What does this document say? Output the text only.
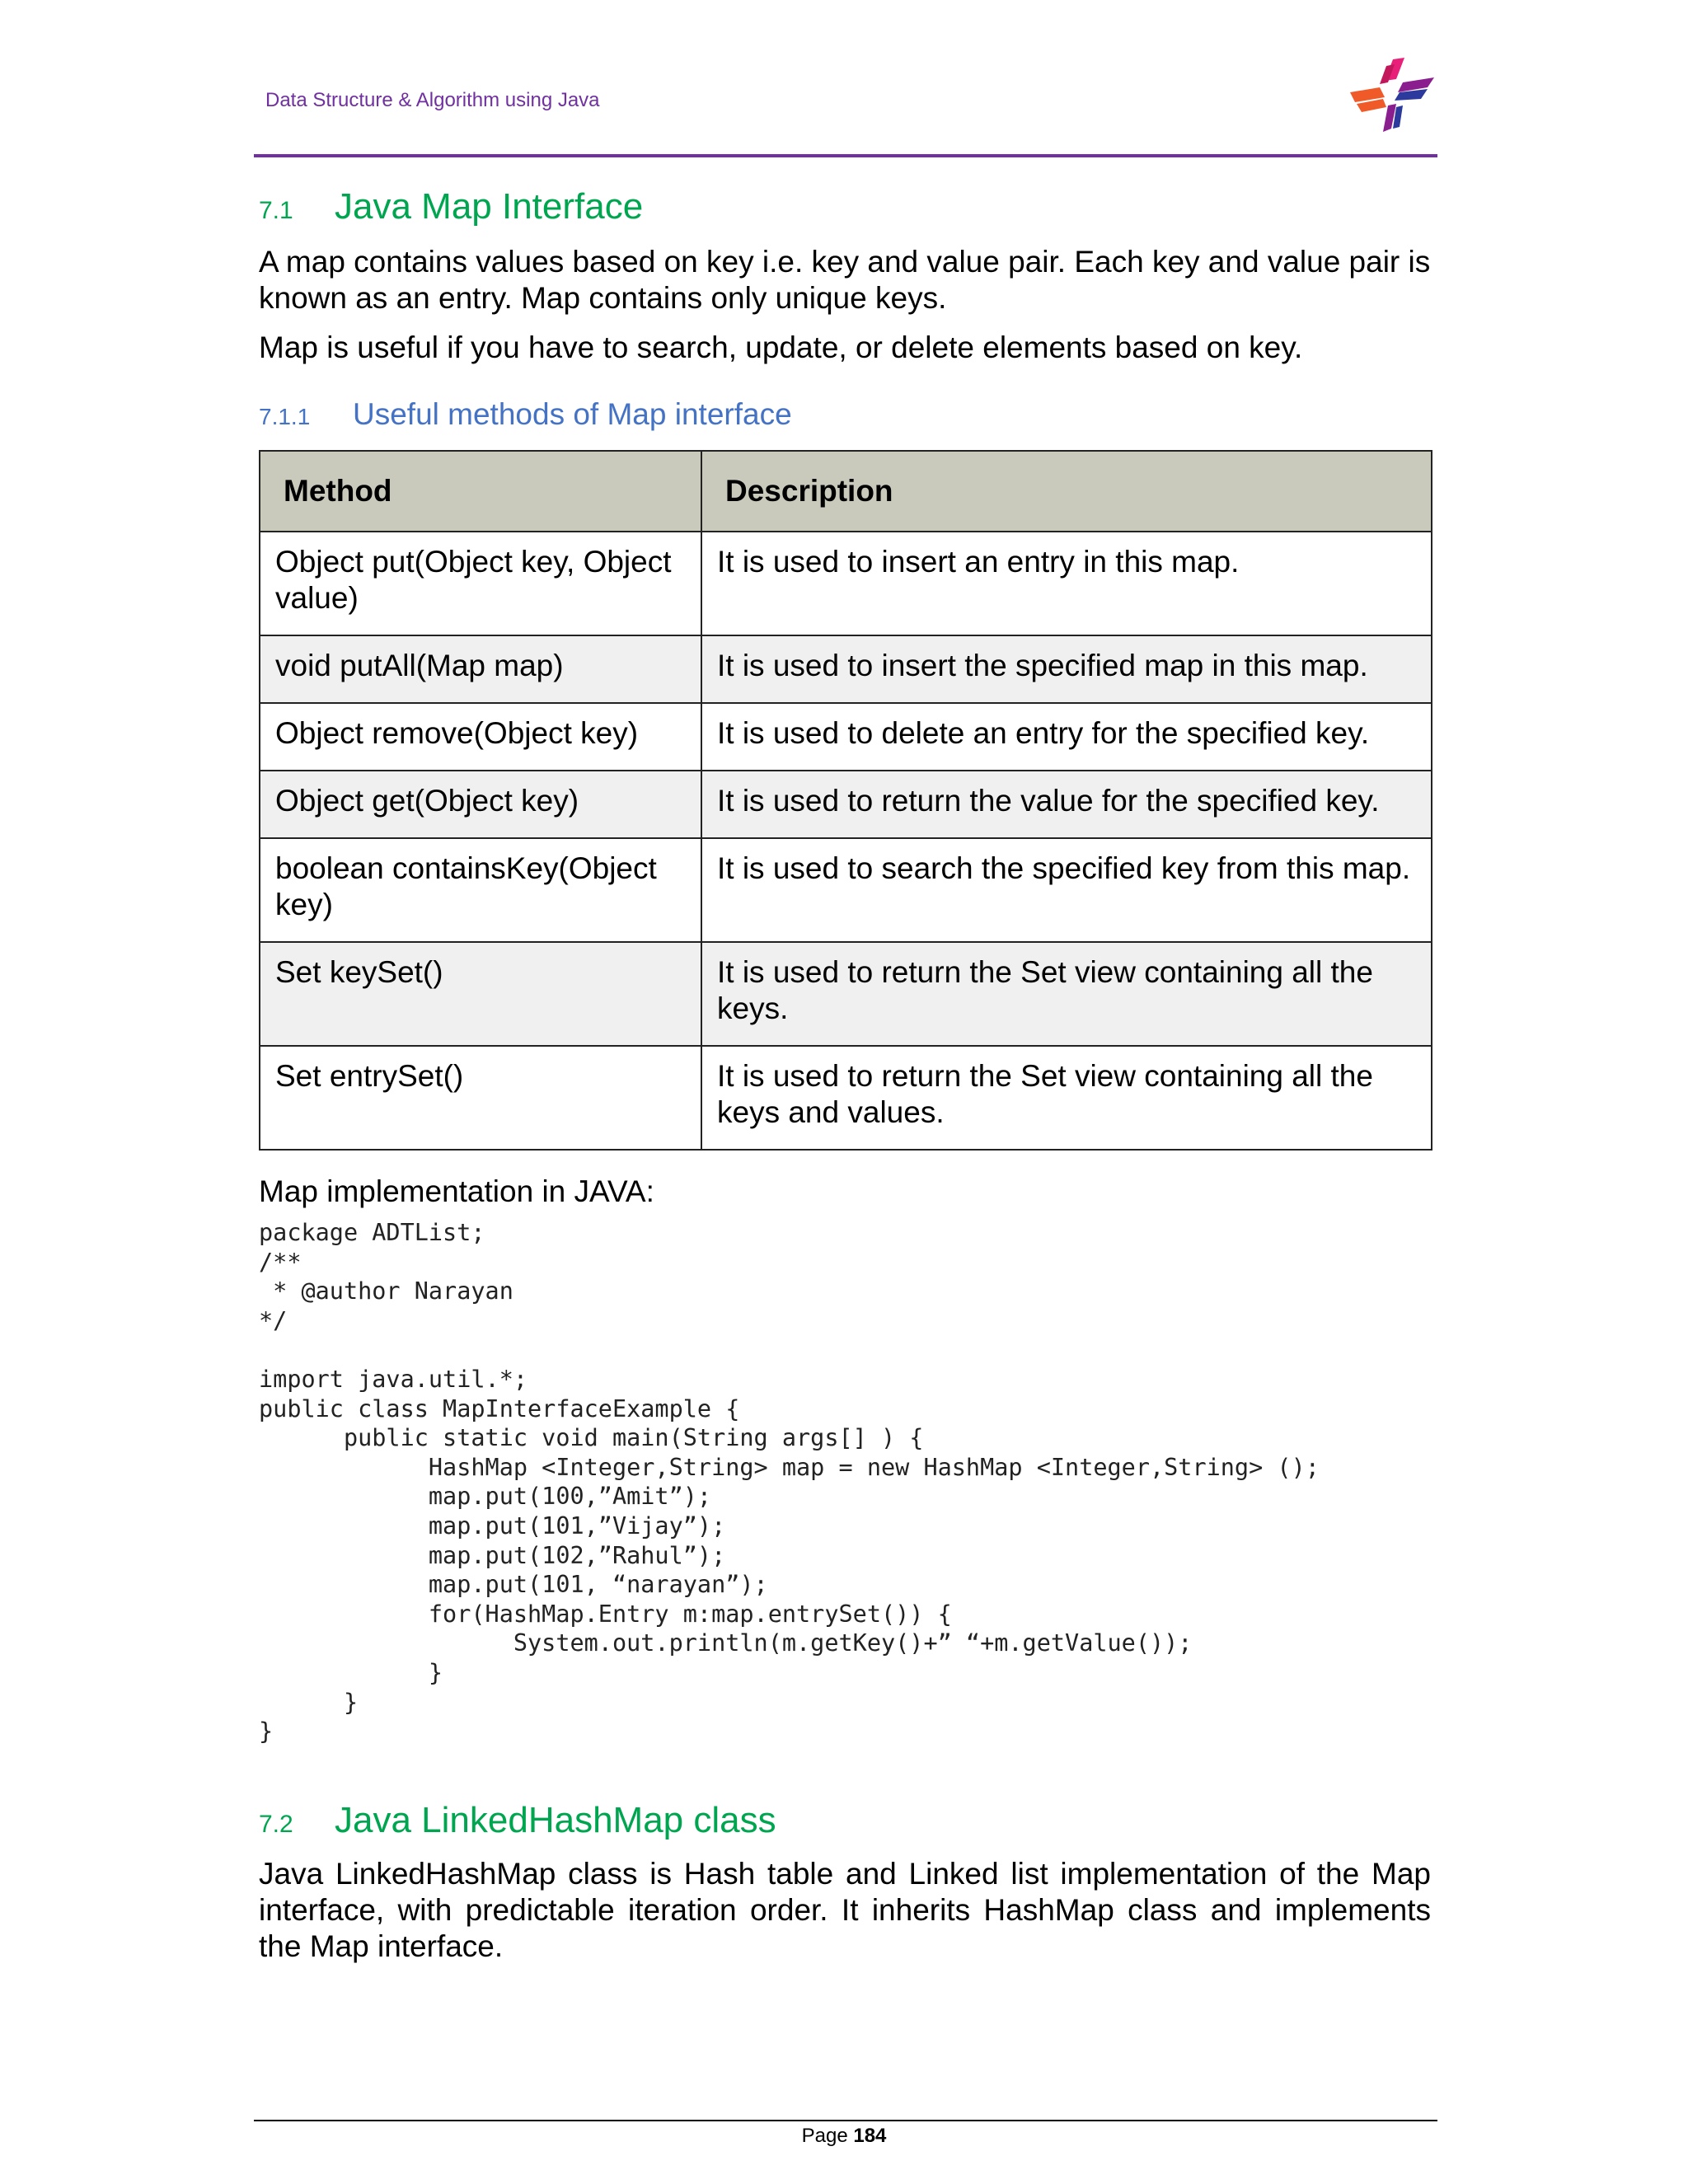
Data Structure & Algorithm using Java
7.1	Java Map Interface
A map contains values based on key i.e. key and value pair. Each key and value pair is known as an entry. Map contains only unique keys.
Map is useful if you have to search, update, or delete elements based on key.
7.1.1	Useful methods of Map interface
Method	Description
Object put(Object key, Object value)	It is used to insert an entry in this map.
void putAll(Map map)	It is used to insert the specified map in this map.
Object remove(Object key)	It is used to delete an entry for the specified key.
Object get(Object key)	It is used to return the value for the specified key.
boolean containsKey(Object key)	It is used to search the specified key from this map.
Set keySet()	It is used to return the Set view containing all the keys.
Set entrySet()	It is used to return the Set view containing all the keys and values.
Map implementation in JAVA:
package ADTList;
/**
* @author Narayan
*/

import java.util.*;
public class MapInterfaceExample {
public static void main(String args[] ) {
HashMap <Integer,String> map = new HashMap <Integer,String> ();
map.put(100,”Amit”);
map.put(101,”Vijay”);
map.put(102,”Rahul”);
map.put(101, “narayan”);
for(HashMap.Entry m:map.entrySet()) {
System.out.println(m.getKey()+” “+m.getValue());
}
}
}
7.2	Java LinkedHashMap class
Java LinkedHashMap class is Hash table and Linked list implementation of the Map interface, with predictable iteration order. It inherits HashMap class and implements the Map interface.
Page 184
